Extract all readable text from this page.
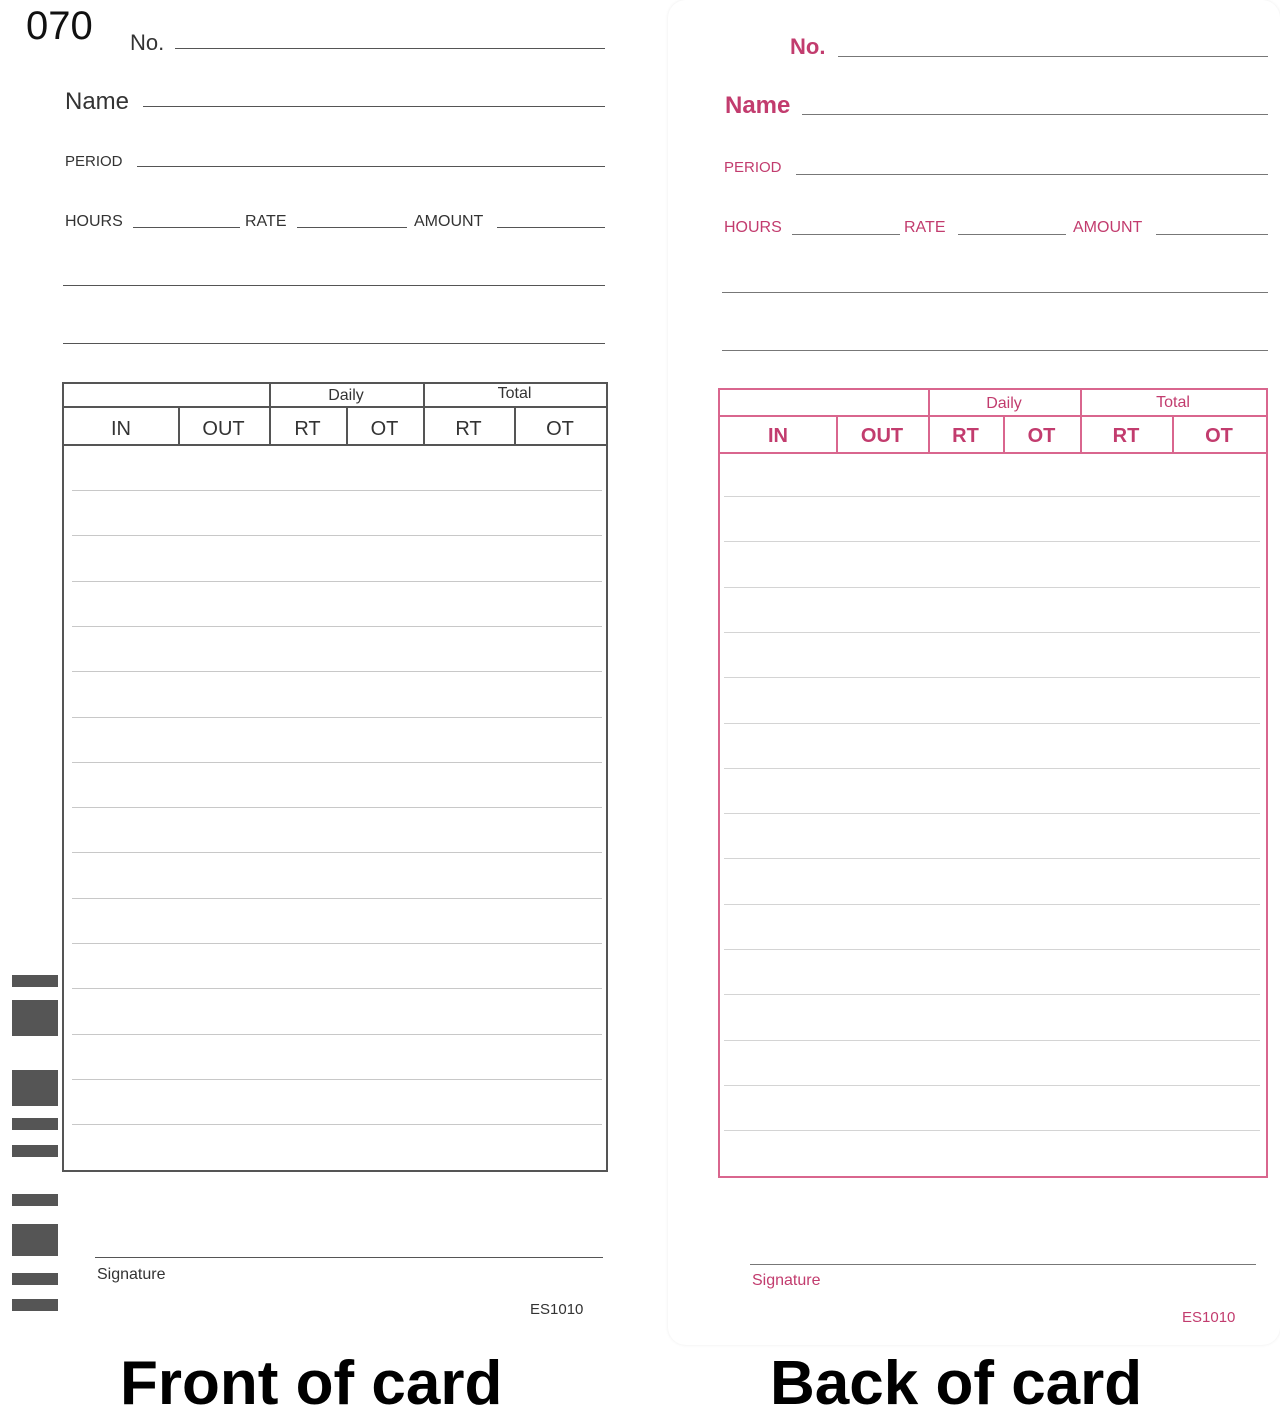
070 No.
Name
PERIOD
HOURS	RATE	AMOUNT
Daily	Total
IN	OUT	RT	OT	RT	OT
Signature
ES1010
No.
Name
PERIOD
HOURS	RATE	AMOUNT
Daily	Total
IN	OUT	RT	OT	RT	OT
Signature
ES1010
Front of card	Back of card
